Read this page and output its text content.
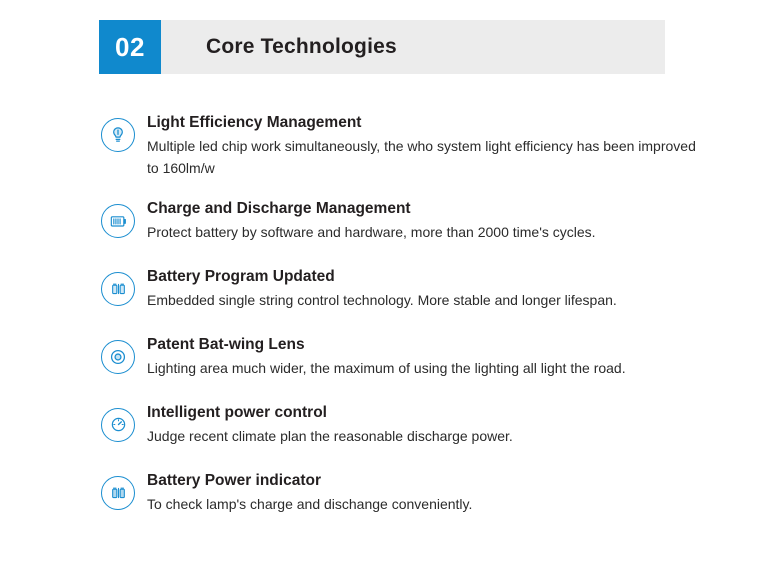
02	Core Technologies
Light Efficiency Management
Multiple led chip work simultaneously, the who system light efficiency has been improved to 160lm/w
Charge and Discharge Management
Protect battery by software and hardware, more than 2000 time's cycles.
Battery Program Updated
Embedded single string control technology. More stable and longer lifespan.
Patent Bat-wing Lens
Lighting area much wider, the maximum of using the lighting all light the road.
Intelligent power control
Judge recent climate plan the reasonable discharge power.
Battery Power indicator
To check lamp's charge and dischange conveniently.
